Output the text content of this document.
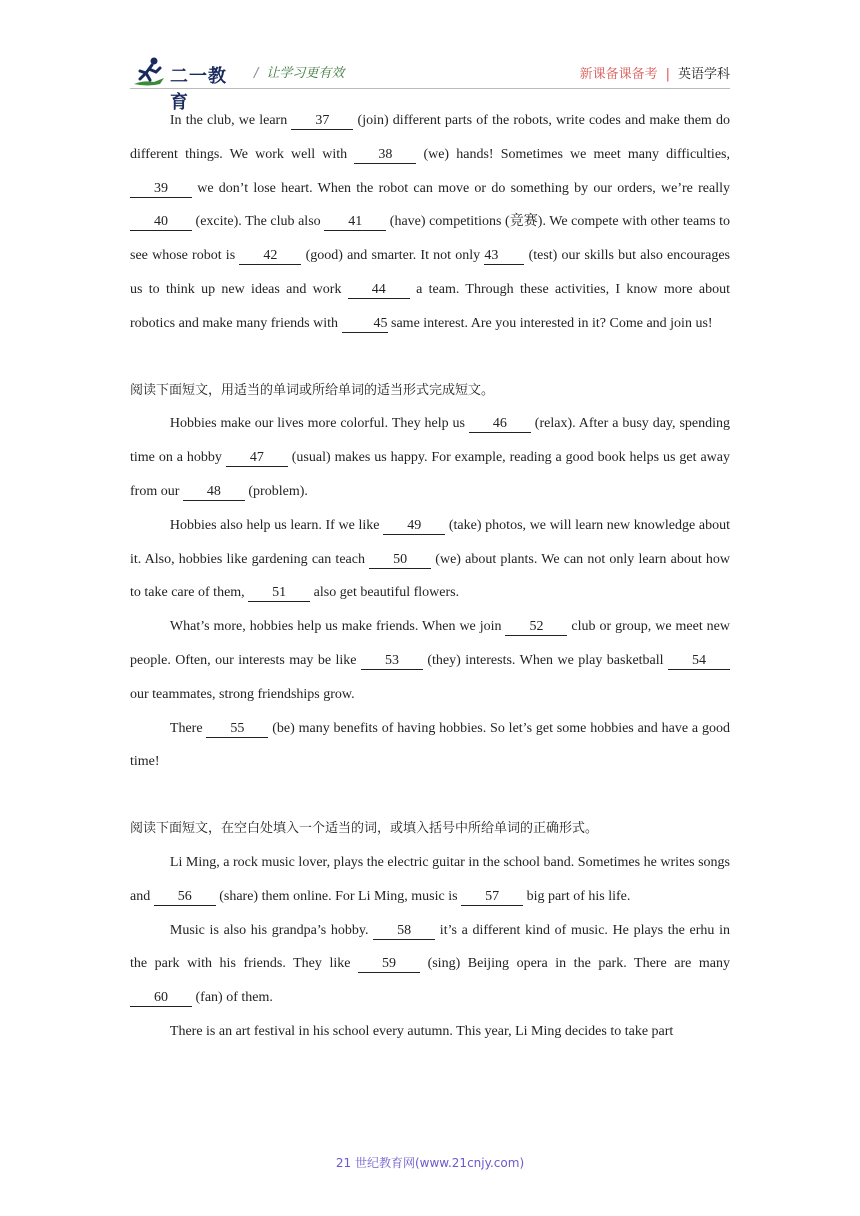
二一教育
/ 让学习更有效	新课备课备考 | 英语学科

In the club, we learn 37 (join) different parts of the robots, write codes and make them do different things. We work well with 38 (we) hands! Sometimes we meet many difficulties, 39 we don’t lose heart. When the robot can move or do something by our orders, we’re really 40 (excite). The club also 41 (have) competitions (竞赛). We compete with other teams to see whose robot is 42 (good) and smarter. It not only 43 (test) our skills but also encourages us to think up new ideas and work 44 a team. Through these activities, I know more about robotics and make many friends with 45 same interest. Are you interested in it? Come and join us!

阅读下面短文，用适当的单词或所给单词的适当形式完成短文。

Hobbies make our lives more colorful. They help us 46 (relax). After a busy day, spending time on a hobby 47 (usual) makes us happy. For example, reading a good book helps us get away from our 48 (problem).

Hobbies also help us learn. If we like 49 (take) photos, we will learn new knowledge about it. Also, hobbies like gardening can teach 50 (we) about plants. We can not only learn about how to take care of them, 51 also get beautiful flowers.

What’s more, hobbies help us make friends. When we join 52 club or group, we meet new people. Often, our interests may be like 53 (they) interests. When we play basketball 54 our teammates, strong friendships grow.

There 55 (be) many benefits of having hobbies. So let’s get some hobbies and have a good time!

阅读下面短文，在空白处填入一个适当的词，或填入括号中所给单词的正确形式。

Li Ming, a rock music lover, plays the electric guitar in the school band. Sometimes he writes songs and 56 (share) them online. For Li Ming, music is 57 big part of his life.

Music is also his grandpa’s hobby. 58 it’s a different kind of music. He plays the erhu in the park with his friends. They like 59 (sing) Beijing opera in the park. There are many 60 (fan) of them.

There is an art festival in his school every autumn. This year, Li Ming decides to take part

21 世纪教育网(www.21cnjy.com)
